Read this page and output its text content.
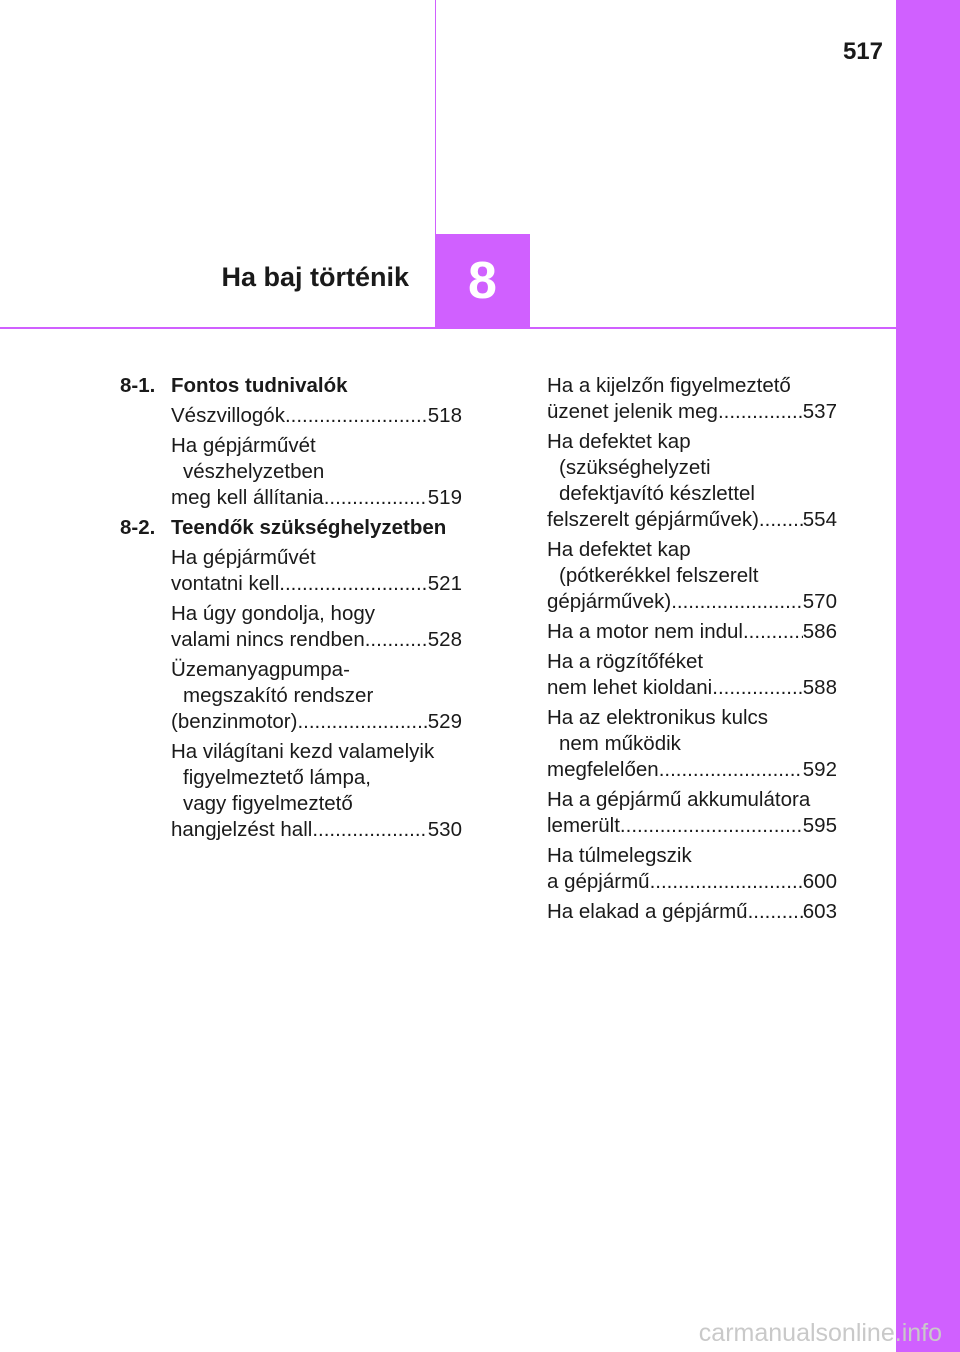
517
Ha baj történik 8
8-1. Fontos tudnivalók
Vészvillogók .....	518
Ha gépjárművét
vészhelyzetben
meg kell állítania .....	519
8-2. Teendők szükséghelyzetben
Ha gépjárművét
vontatni kell .....	521
Ha úgy gondolja, hogy
valami nincs rendben .....	528
Üzemanyagpumpa-
megszakító rendszer
(benzinmotor) .....	529
Ha világítani kezd valamelyik
figyelmeztető lámpa,
vagy figyelmeztető
hangjelzést hall .....	530
Ha a kijelzőn figyelmeztető
üzenet jelenik meg .....	537
Ha defektet kap
(szükséghelyzeti
defektjavító készlettel
felszerelt gépjárművek) ..... 554
Ha defektet kap
(pótkerékkel felszerelt
gépjárművek) .....	570
Ha a motor nem indul .....	586
Ha a rögzítőféket
nem lehet kioldani .....	588
Ha az elektronikus kulcs
nem működik
megfelelően .....	592
Ha a gépjármű akkumulátora
lemerült .....	595
Ha túlmelegszik
a gépjármű .....	600
Ha elakad a gépjármű .....	603
carmanualsonline.info
